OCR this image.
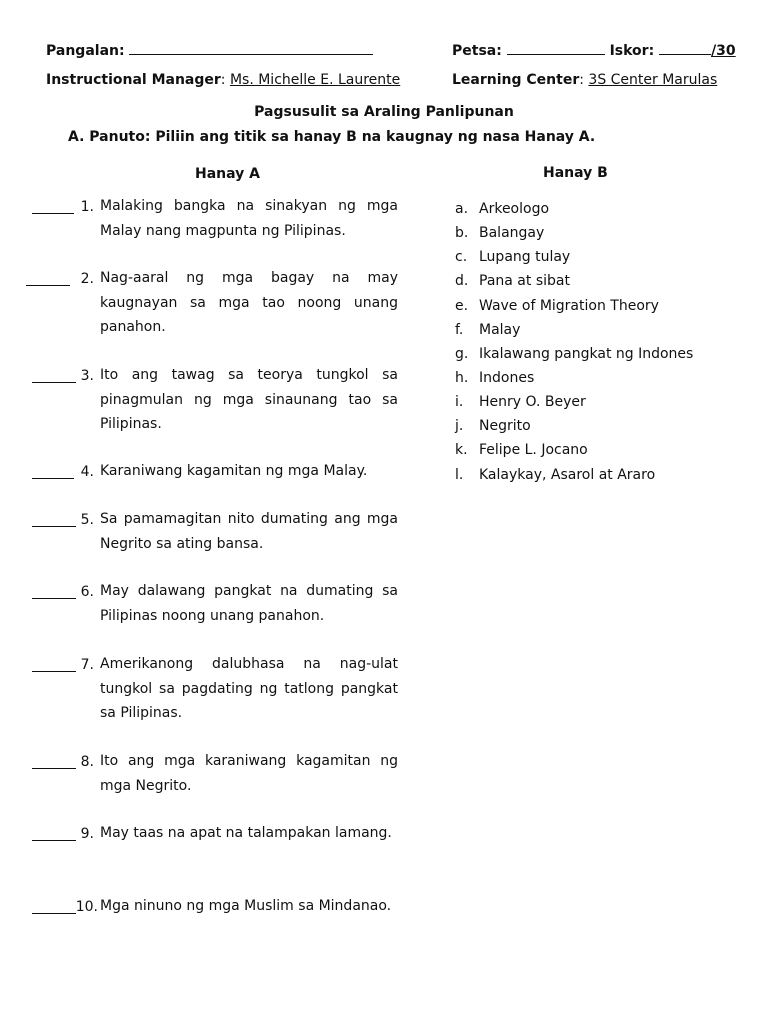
Pangalan:	Petsa:	Iskor:	/30
Instructional Manager: Ms. Michelle E. Laurente	Learning Center: 3S Center Marulas
Pagsusulit sa Araling Panlipunan
A. Panuto: Piliin ang titik sa hanay B na kaugnay ng nasa Hanay A.
Hanay A	Hanay B
1. Malaking bangka na sinakyan ng mga Malay nang magpunta ng Pilipinas.
2. Nag-aaral ng mga bagay na may kaugnayan sa mga tao noong unang panahon.
3. Ito ang tawag sa teorya tungkol sa pinagmulan ng mga sinaunang tao sa Pilipinas.
4. Karaniwang kagamitan ng mga Malay.
5. Sa pamamagitan nito dumating ang mga Negrito sa ating bansa.
6. May dalawang pangkat na dumating sa Pilipinas noong unang panahon.
7. Amerikanong dalubhasa na nag-ulat tungkol sa pagdating ng tatlong pangkat sa Pilipinas.
8. Ito ang mga karaniwang kagamitan ng mga Negrito.
9. May taas na apat na talampakan lamang.
10. Mga ninuno ng mga Muslim sa Mindanao.
a. Arkeologo
b. Balangay
c. Lupang tulay
d. Pana at sibat
e. Wave of Migration Theory
f. Malay
g. Ikalawang pangkat ng Indones
h. Indones
i. Henry O. Beyer
j. Negrito
k. Felipe L. Jocano
l. Kalaykay, Asarol at Araro
